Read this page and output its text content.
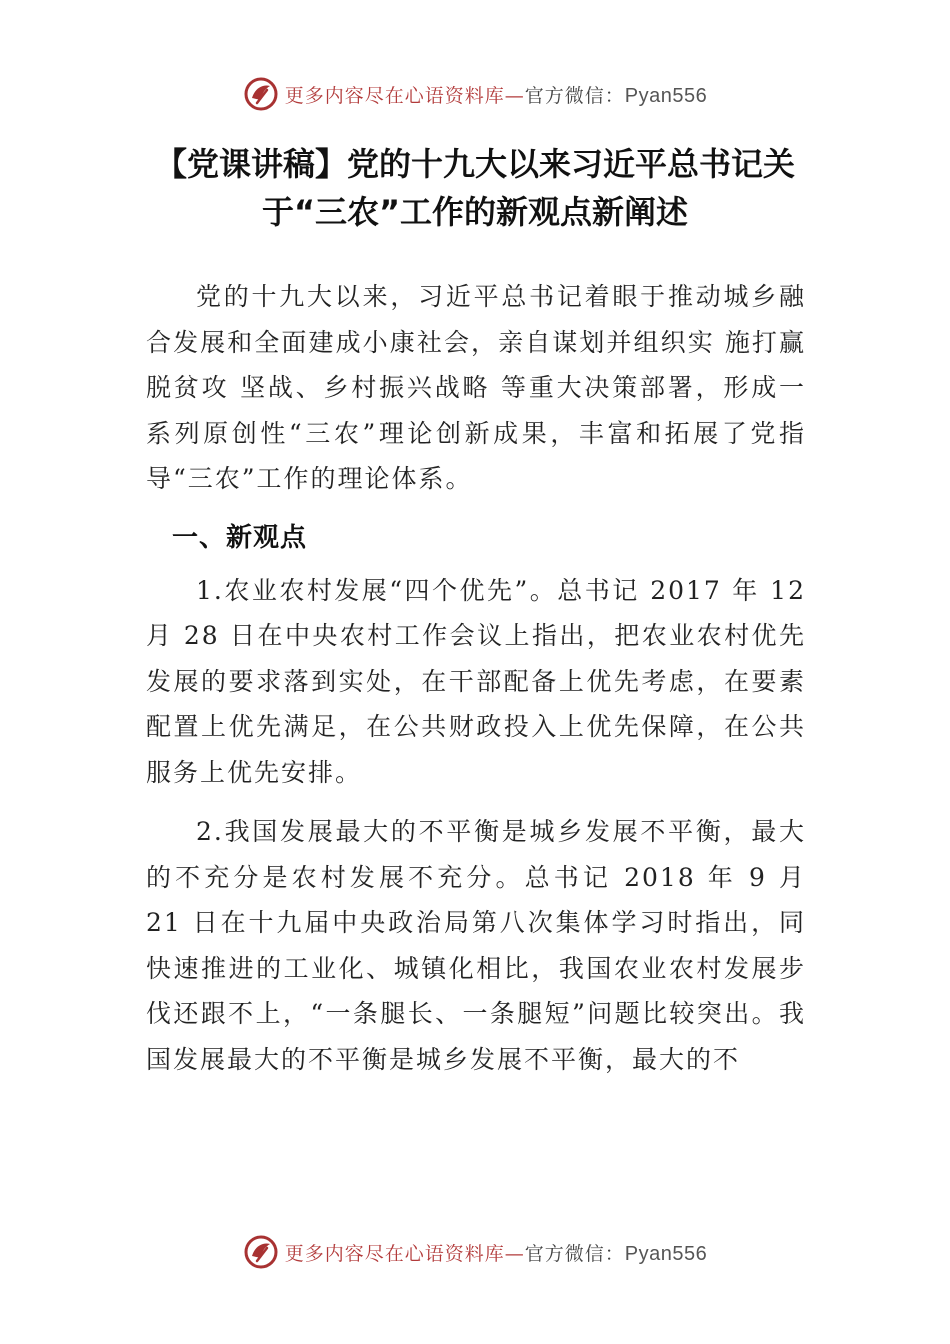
更多内容尽在心语资料库—官方微信：Pyan556
【党课讲稿】党的十九大以来习近平总书记关于“三农”工作的新观点新阐述

党的十九大以来，习近平总书记着眼于推动城乡融合发展和全面建成小康社会，亲自谋划并组织实 施打赢 脱贫攻 坚战、乡村振兴战略 等重大决策部署，形成一系列原创性“三农”理论创新成果，丰富和拓展了党指导“三农”工作的理论体系。

一、新观点

1.农业农村发展“四个优先”。总书记 2017 年 12 月 28 日在中央农村工作会议上指出，把农业农村优先发展的要求落到实处，在干部配备上优先考虑，在要素配置上优先满足，在公共财政投入上优先保障，在公共服务上优先安排。

2.我国发展最大的不平衡是城乡发展不平衡，最大的不充分是农村发展不充分。总书记 2018 年 9 月 21 日在十九届中央政治局第八次集体学习时指出，同快速推进的工业化、城镇化相比，我国农业农村发展步伐还跟不上，“一条腿长、一条腿短”问题比较突出。我国发展最大的不平衡是城乡发展不平衡，最大的不

更多内容尽在心语资料库—官方微信：Pyan556
